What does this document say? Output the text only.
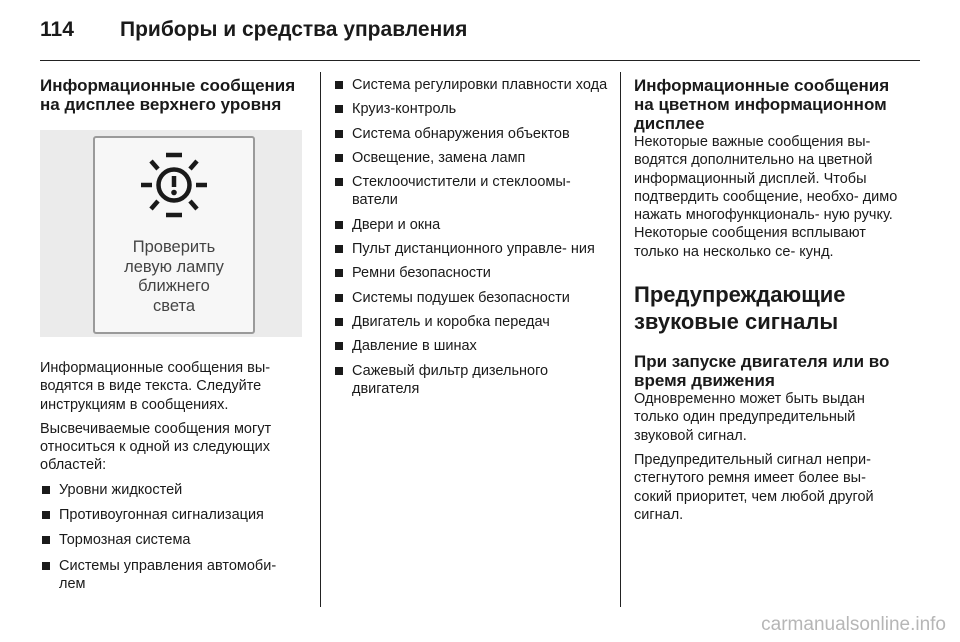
114 Приборы и средства управления
Информационные сообщения на дисплее верхнего уровня
Проверить
левую лампу
ближнего
света

Информационные сообщения вы- водятся в виде текста. Следуйте инструкциям в сообщениях.

Высвечиваемые сообщения могут относиться к одной из следующих областей:

Уровни жидкостей
Противоугонная сигнализация
Тормозная система
Системы управления автомоби- лем
Система регулировки плавности хода
Круиз-контроль
Система обнаружения объектов
Освещение, замена ламп
Стеклоочистители и стеклоомы- ватели
Двери и окна
Пульт дистанционного управле- ния
Ремни безопасности
Системы подушек безопасности
Двигатель и коробка передач
Давление в шинах
Сажевый фильтр дизельного двигателя
Информационные сообщения на цветном информационном дисплее

Некоторые важные сообщения вы- водятся дополнительно на цветной информационный дисплей. Чтобы подтвердить сообщение, необхо- димо нажать многофункциональ- ную ручку. Некоторые сообщения всплывают только на несколько се- кунд.

Предупреждающие звуковые сигналы
При запуске двигателя или во время движения

Одновременно может быть выдан только один предупредительный звуковой сигнал.

Предупредительный сигнал непри- стегнутого ремня имеет более вы- сокий приоритет, чем любой другой сигнал.

carmanualsonline.info
